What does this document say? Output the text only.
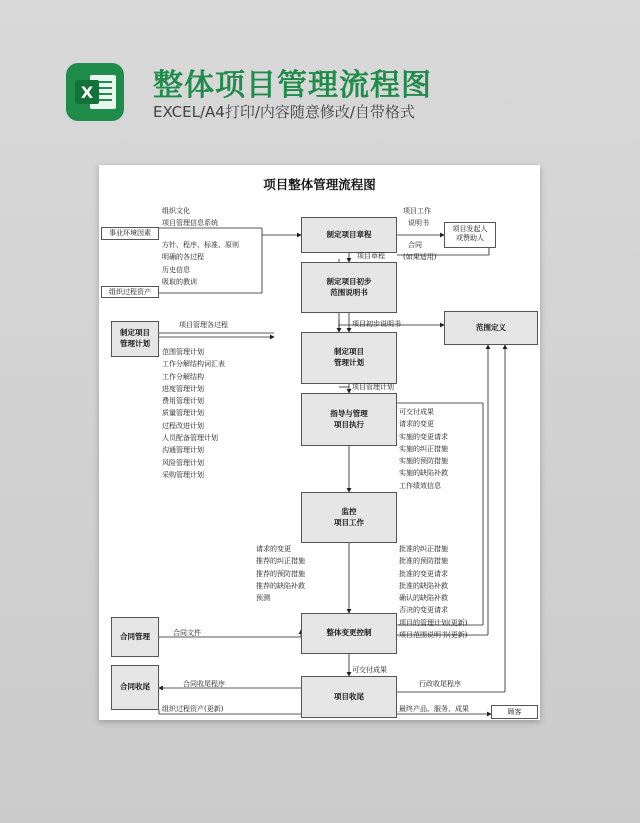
X 整体项目管理流程图
EXCEL/A4打印/内容随意修改/自带格式
项目整体管理流程图
制定项目章程
制定项目初步
范围说明书
制定项目
管理计划
指导与管理
项目执行
监控
项目工作
整体变更控制
项目收尾
制定项目
管理计划
合同管理
合同收尾
范围定义
项目发起人
或赞助人
顾客
事业环境因素
组织过程资产
组织文化
项目管理信息系统
方针、程序、标准、原则
明确的各过程
历史信息
吸取的教训
项目工作
说明书
合同
(如果适用)
项目章程
项目初步说明书
项目管理各过程
项目管理计划
范围管理计划
工作分解结构词汇表
工作分解结构
进度管理计划
费用管理计划
质量管理计划
过程改进计划
人员配备管理计划
沟通管理计划
风险管理计划
采购管理计划
可交付成果
请求的变更
实施的变更请求
实施的纠正措施
实施的预防措施
实施的缺陷补救
工作绩效信息
请求的变更
推荐的纠正措施
推荐的预防措施
推荐的缺陷补救
预测
批准的纠正措施
批准的预防措施
批准的变更请求
批准的缺陷补救
确认的缺陷补救
否决的变更请求
项目的管理计划(更新)
项目范围说明书(更新)
合同文件
可交付成果
合同收尾程序	行政收尾程序
组织过程资产(更新)	最终产品、服务、成果
